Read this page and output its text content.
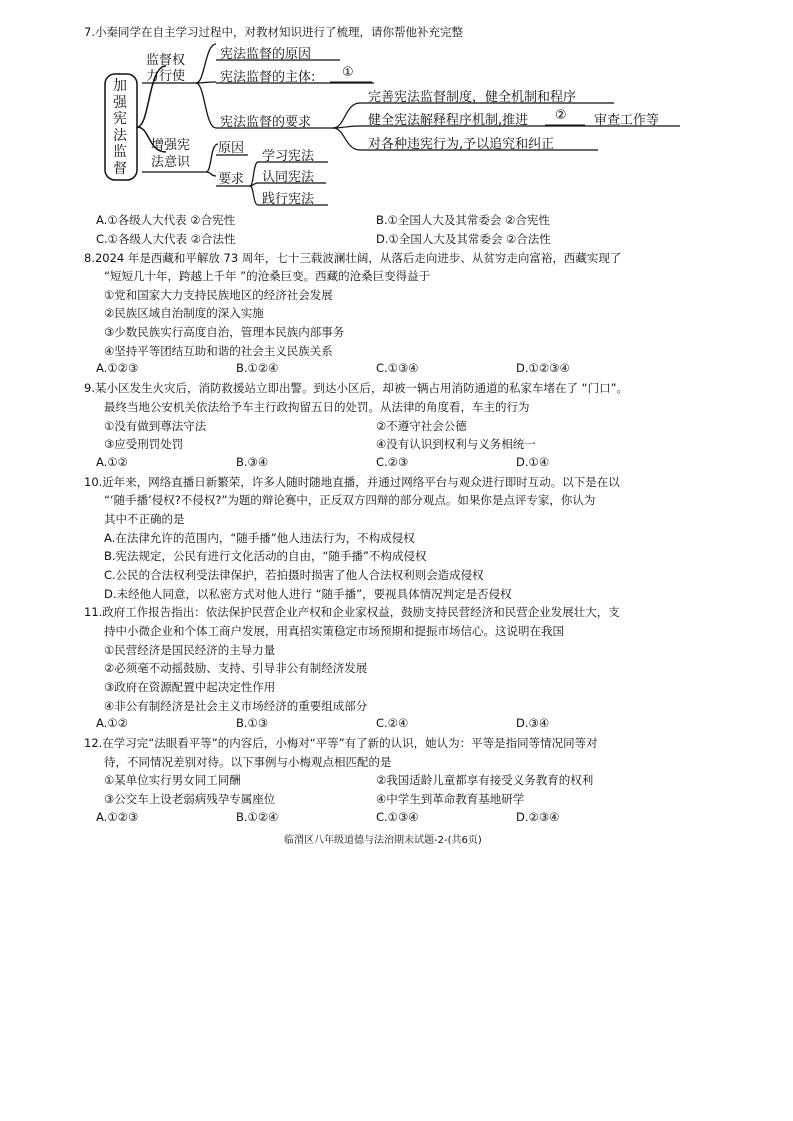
7.小秦同学在自主学习过程中，对教材知识进行了梳理，请你帮他补充完整
加
强
宪
法
监
督
监督权
力行使
宪法监督的原因
宪法监督的主体: ①
宪法监督的要求
完善宪法监督制度，健全机制和程序
健全宪法解释程序机制,推进 ② 审查工作等
对各种违宪行为,予以追究和纠正
增强宪
法意识
原因
要求
学习宪法
认同宪法
践行宪法
A.①各级人大代表 ②合宪性	B.①全国人大及其常委会 ②合宪性
C.①各级人大代表 ②合法性	D.①全国人大及其常委会 ②合法性
8.2024 年是西藏和平解放 73 周年，七十三载波澜壮阔，从落后走向进步、从贫穷走向富裕，西藏实现了
“短短几十年，跨越上千年 ”的沧桑巨变。西藏的沧桑巨变得益于
①党和国家大力支持民族地区的经济社会发展
②民族区域自治制度的深入实施
③少数民族实行高度自治，管理本民族内部事务
④坚持平等团结互助和谐的社会主义民族关系
A.①②③	B.①②④	C.①③④	D.①②③④
9.某小区发生火灾后，消防救援站立即出警。到达小区后，却被一辆占用消防通道的私家车堵在了 “门口”。
最终当地公安机关依法给予车主行政拘留五日的处罚。从法律的角度看，车主的行为
①没有做到尊法守法	②不遵守社会公德
③应受刑罚处罚	④没有认识到权利与义务相统一
A.①②	B.③④	C.②③	D.①④
10.近年来，网络直播日新繁荣，许多人随时随地直播，并通过网络平台与观众进行即时互动。以下是在以
“‘随手播’侵权?不侵权?”为题的辩论赛中，正反双方四辩的部分观点。如果你是点评专家，你认为
其中不正确的是
A.在法律允许的范围内，“随手播”他人违法行为，不构成侵权
B.宪法规定，公民有进行文化活动的自由，“随手播”不构成侵权
C.公民的合法权利受法律保护，若拍摄时损害了他人合法权利则会造成侵权
D.未经他人同意，以私密方式对他人进行 “随手播”，要视具体情况判定是否侵权
11.政府工作报告指出：依法保护民营企业产权和企业家权益，鼓励支持民营经济和民营企业发展壮大，支
持中小微企业和个体工商户发展，用真招实策稳定市场预期和提振市场信心。这说明在我国
①民营经济是国民经济的主导力量
②必须毫不动摇鼓励、支持、引导非公有制经济发展
③政府在资源配置中起决定性作用
④非公有制经济是社会主义市场经济的重要组成部分
A.①②	B.①③	C.②④	D.③④
12.在学习完“法眼看平等”的内容后，小梅对“平等”有了新的认识，她认为：平等是指同等情况同等对
待，不同情况差别对待。以下事例与小梅观点相匹配的是
①某单位实行男女同工同酬	②我国适龄儿童都享有接受义务教育的权利
③公交车上设老弱病残孕专属座位	④中学生到革命教育基地研学
A.①②③	B.①②④	C.①③④	D.②③④
临渭区八年级道德与法治期末试题-2-(共6页)
